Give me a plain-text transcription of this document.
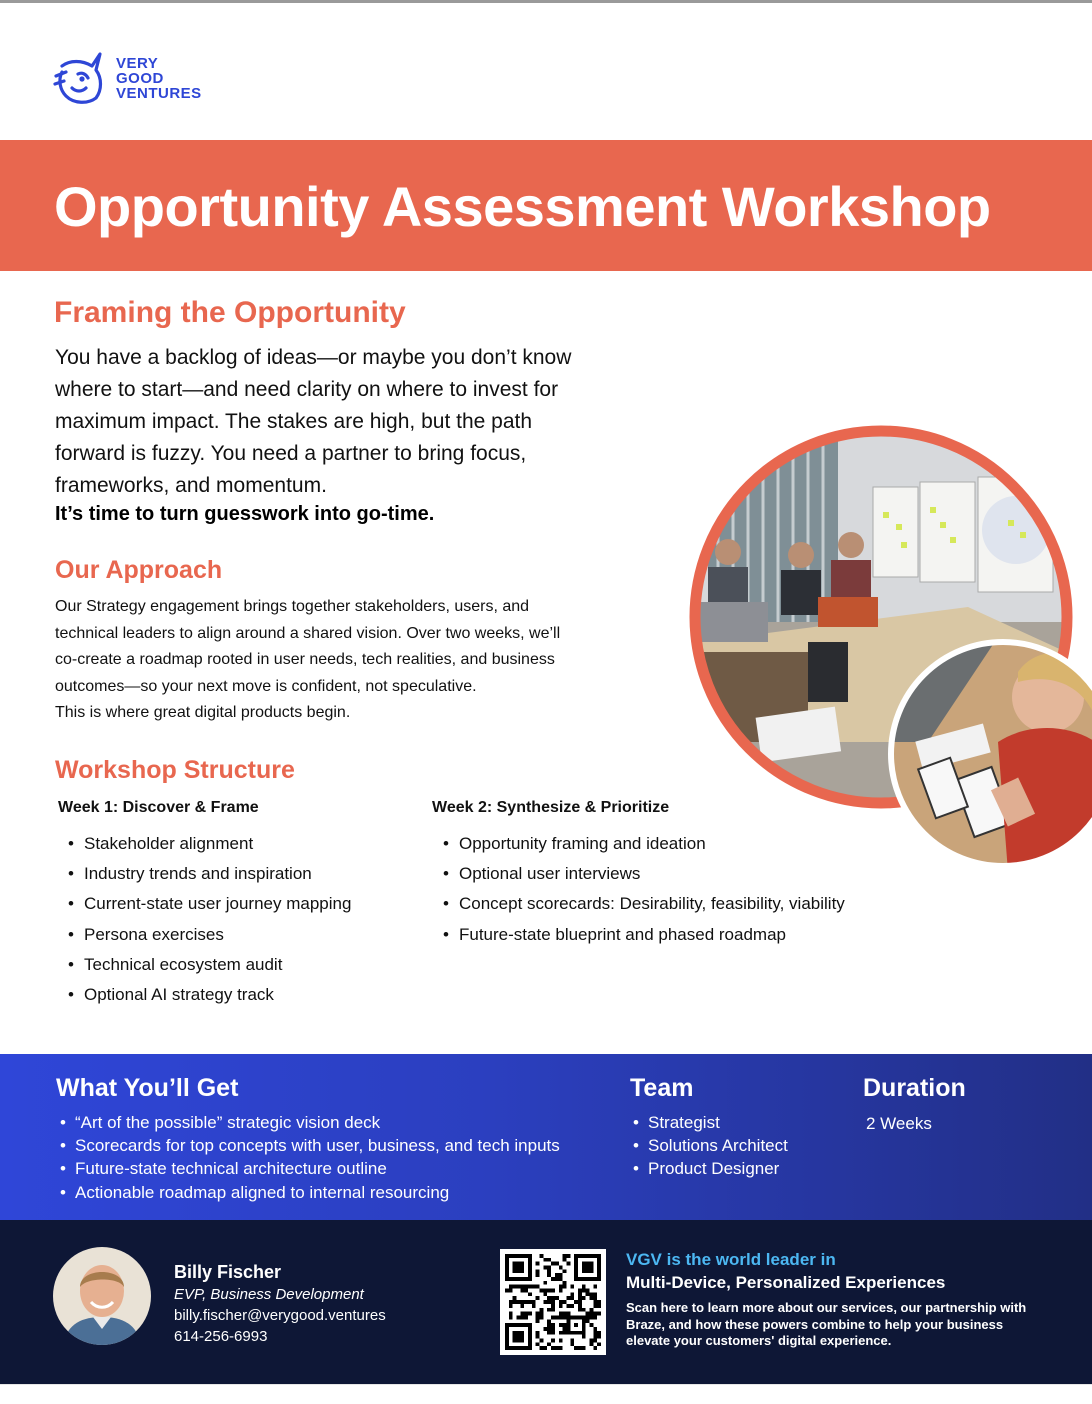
VERY
GOOD
VENTURES
Opportunity Assessment Workshop
Framing the Opportunity
You have a backlog of ideas—or maybe you don’t know
where to start—and need clarity on where to invest for
maximum impact. The stakes are high, but the path
forward is fuzzy. You need a partner to bring focus,
frameworks, and momentum.
It’s time to turn guesswork into go-time.
Our Approach
Our Strategy engagement brings together stakeholders, users, and
technical leaders to align around a shared vision. Over two weeks, we’ll
co-create a roadmap rooted in user needs, tech realities, and business
outcomes—so your next move is confident, not speculative.
This is where great digital products begin.
Workshop Structure
Week 1: Discover & Frame	Week 2: Synthesize & Prioritize
• Stakeholder alignment
• Industry trends and inspiration
• Current-state user journey mapping
• Persona exercises
• Technical ecosystem audit
• Optional AI strategy track
• Opportunity framing and ideation
• Optional user interviews
• Concept scorecards: Desirability, feasibility, viability
• Future-state blueprint and phased roadmap
What You’ll Get
• “Art of the possible” strategic vision deck
• Scorecards for top concepts with user, business, and tech inputs
• Future-state technical architecture outline
• Actionable roadmap aligned to internal resourcing
Team
• Strategist
• Solutions Architect
• Product Designer
Duration
2 Weeks
Billy Fischer
EVP, Business Development
billy.fischer@verygood.ventures
614-256-6993
VGV is the world leader in
Multi-Device, Personalized Experiences
Scan here to learn more about our services, our partnership with Braze, and how these powers combine to help your business elevate your customers' digital experience.
